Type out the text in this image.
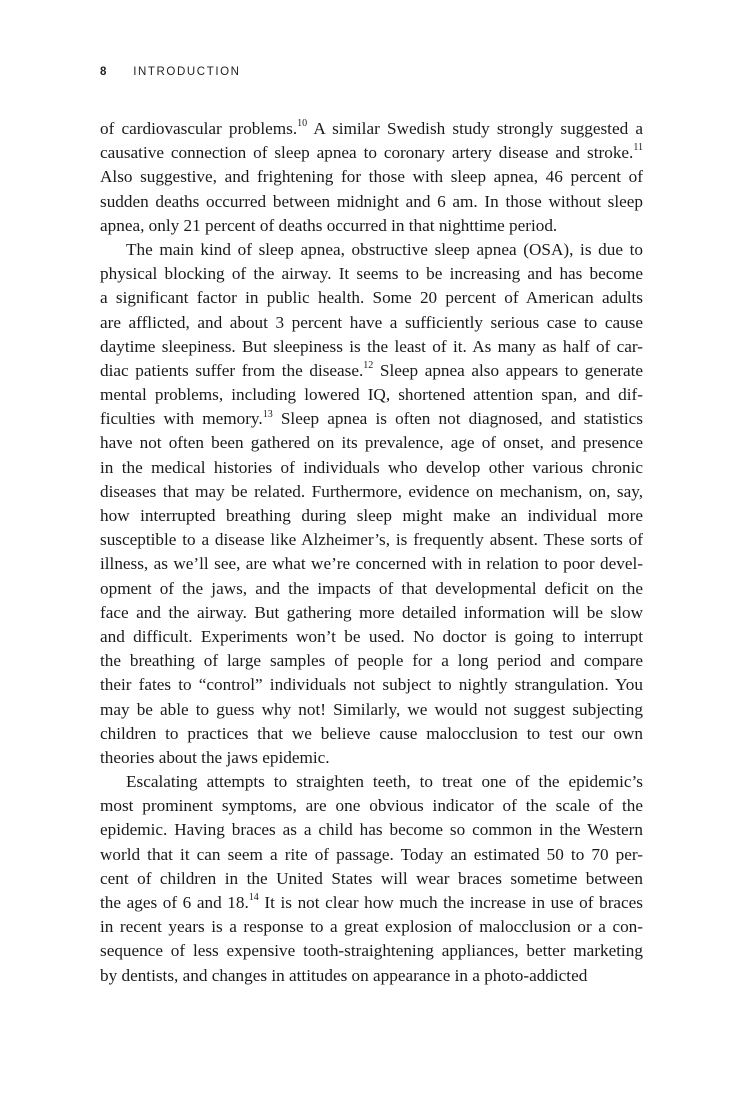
8 INTRODUCTION
of cardiovascular problems.$^{10}$ A similar Swedish study strongly suggested a
causative connection of sleep apnea to coronary artery disease and stroke.$^{11}$
Also suggestive, and frightening for those with sleep apnea, 46 percent of
sudden deaths occurred between midnight and 6 am. In those without sleep
apnea, only 21 percent of deaths occurred in that nighttime period.
The main kind of sleep apnea, obstructive sleep apnea (OSA), is due to
physical blocking of the airway. It seems to be increasing and has become
a significant factor in public health. Some 20 percent of American adults
are afflicted, and about 3 percent have a sufficiently serious case to cause
daytime sleepiness. But sleepiness is the least of it. As many as half of car-
diac patients suffer from the disease.$^{12}$ Sleep apnea also appears to generate
mental problems, including lowered IQ, shortened attention span, and dif-
ficulties with memory.$^{13}$ Sleep apnea is often not diagnosed, and statistics
have not often been gathered on its prevalence, age of onset, and presence
in the medical histories of individuals who develop other various chronic
diseases that may be related. Furthermore, evidence on mechanism, on, say,
how interrupted breathing during sleep might make an individual more
susceptible to a disease like Alzheimer’s, is frequently absent. These sorts of
illness, as we’ll see, are what we’re concerned with in relation to poor devel-
opment of the jaws, and the impacts of that developmental deficit on the
face and the airway. But gathering more detailed information will be slow
and difficult. Experiments won’t be used. No doctor is going to interrupt
the breathing of large samples of people for a long period and compare
their fates to “control” individuals not subject to nightly strangulation. You
may be able to guess why not! Similarly, we would not suggest subjecting
children to practices that we believe cause malocclusion to test our own
theories about the jaws epidemic.
Escalating attempts to straighten teeth, to treat one of the epidemic’s
most prominent symptoms, are one obvious indicator of the scale of the
epidemic. Having braces as a child has become so common in the Western
world that it can seem a rite of passage. Today an estimated 50 to 70 per-
cent of children in the United States will wear braces sometime between
the ages of 6 and 18.14 It is not clear how much the increase in use of braces
in recent years is a response to a great explosion of malocclusion or a con-
sequence of less expensive tooth-straightening appliances, better marketing
by dentists, and changes in attitudes on appearance in a photo-addicted
